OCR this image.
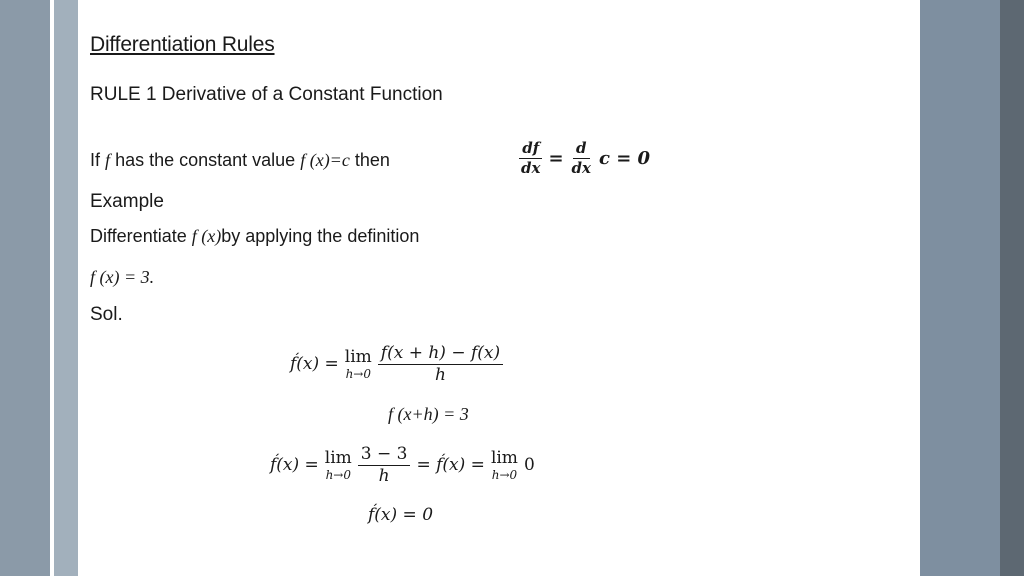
Differentiation Rules
RULE 1 Derivative of a Constant Function
If f has the constant value f (x)=c then	$\frac{df}{dx} = \frac{d}{dx}$ c = 0
Example
Differentiate f (x)by applying the definition
f (x) = 3.
Sol.
f́(x) = lim
$h\to 0 \frac{f(x + h) - f(x)}{h}$
f (x+h) = 3
f́(x) = lim
$h\to 0 \frac{3 - 3}{h}$ = f́(x) = lim
h→0 0
f́(x) = 0
